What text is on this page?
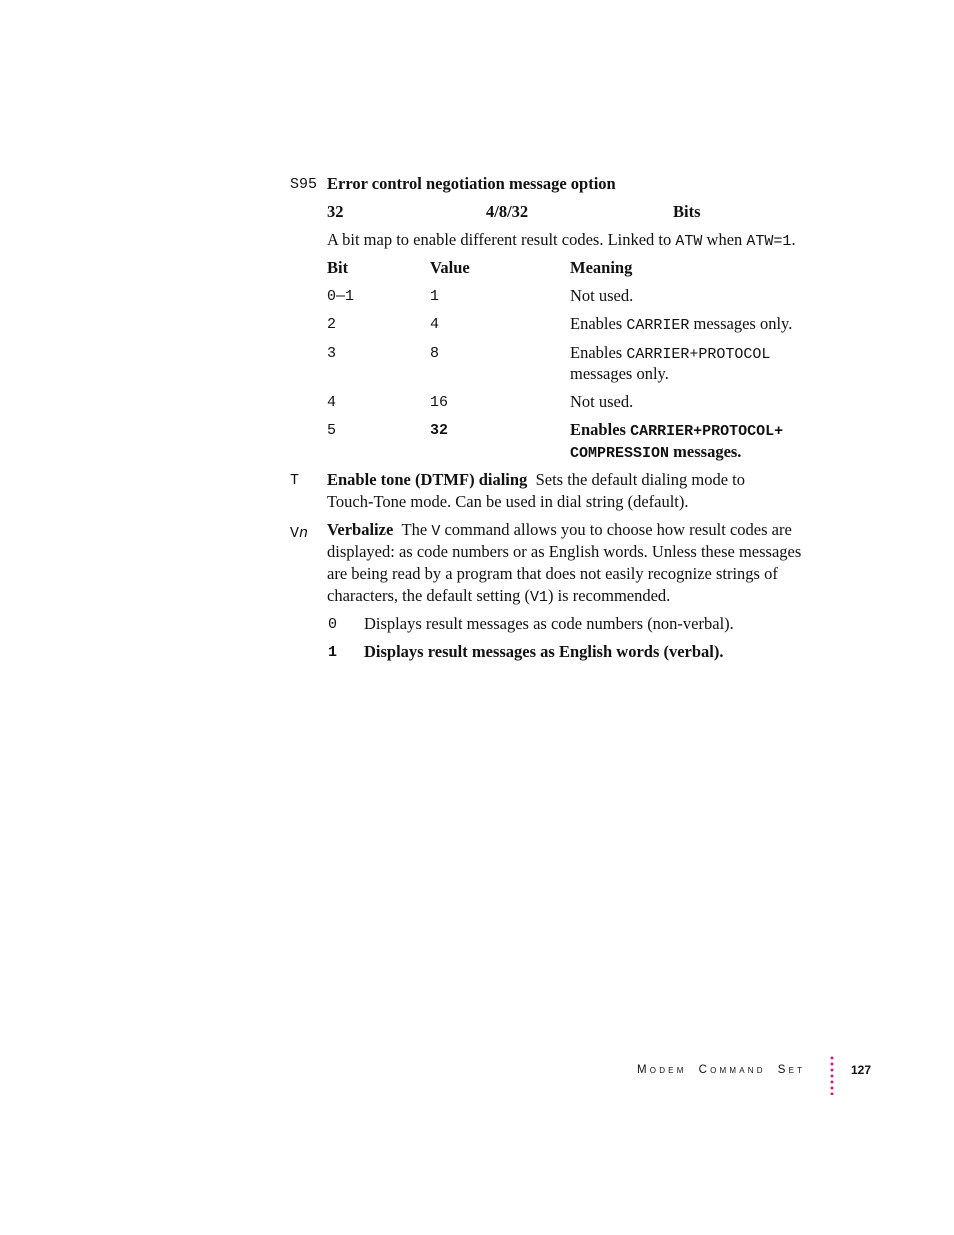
S95 Error control negotiation message option
32	4/8/32	Bits
A bit map to enable different result codes. Linked to ATW when ATW=1.
Bit	Value	Meaning
0—1	1	Not used.
2	4	Enables CARRIER messages only.
3	8	Enables CARRIER+PROTOCOL
messages only.
4	16	Not used.
5	32	Enables CARRIER+PROTOCOL+
COMPRESSION messages.
T Enable tone (DTMF) dialing Sets the default dialing mode to
Touch-Tone mode. Can be used in dial string (default).
Vn Verbalize The V command allows you to choose how result codes are
displayed: as code numbers or as English words. Unless these messages
are being read by a program that does not easily recognize strings of
characters, the default setting (V1) is recommended.
0 Displays result messages as code numbers (non-verbal).
1 Displays result messages as English words (verbal).
MODEM COMMAND SET	127
